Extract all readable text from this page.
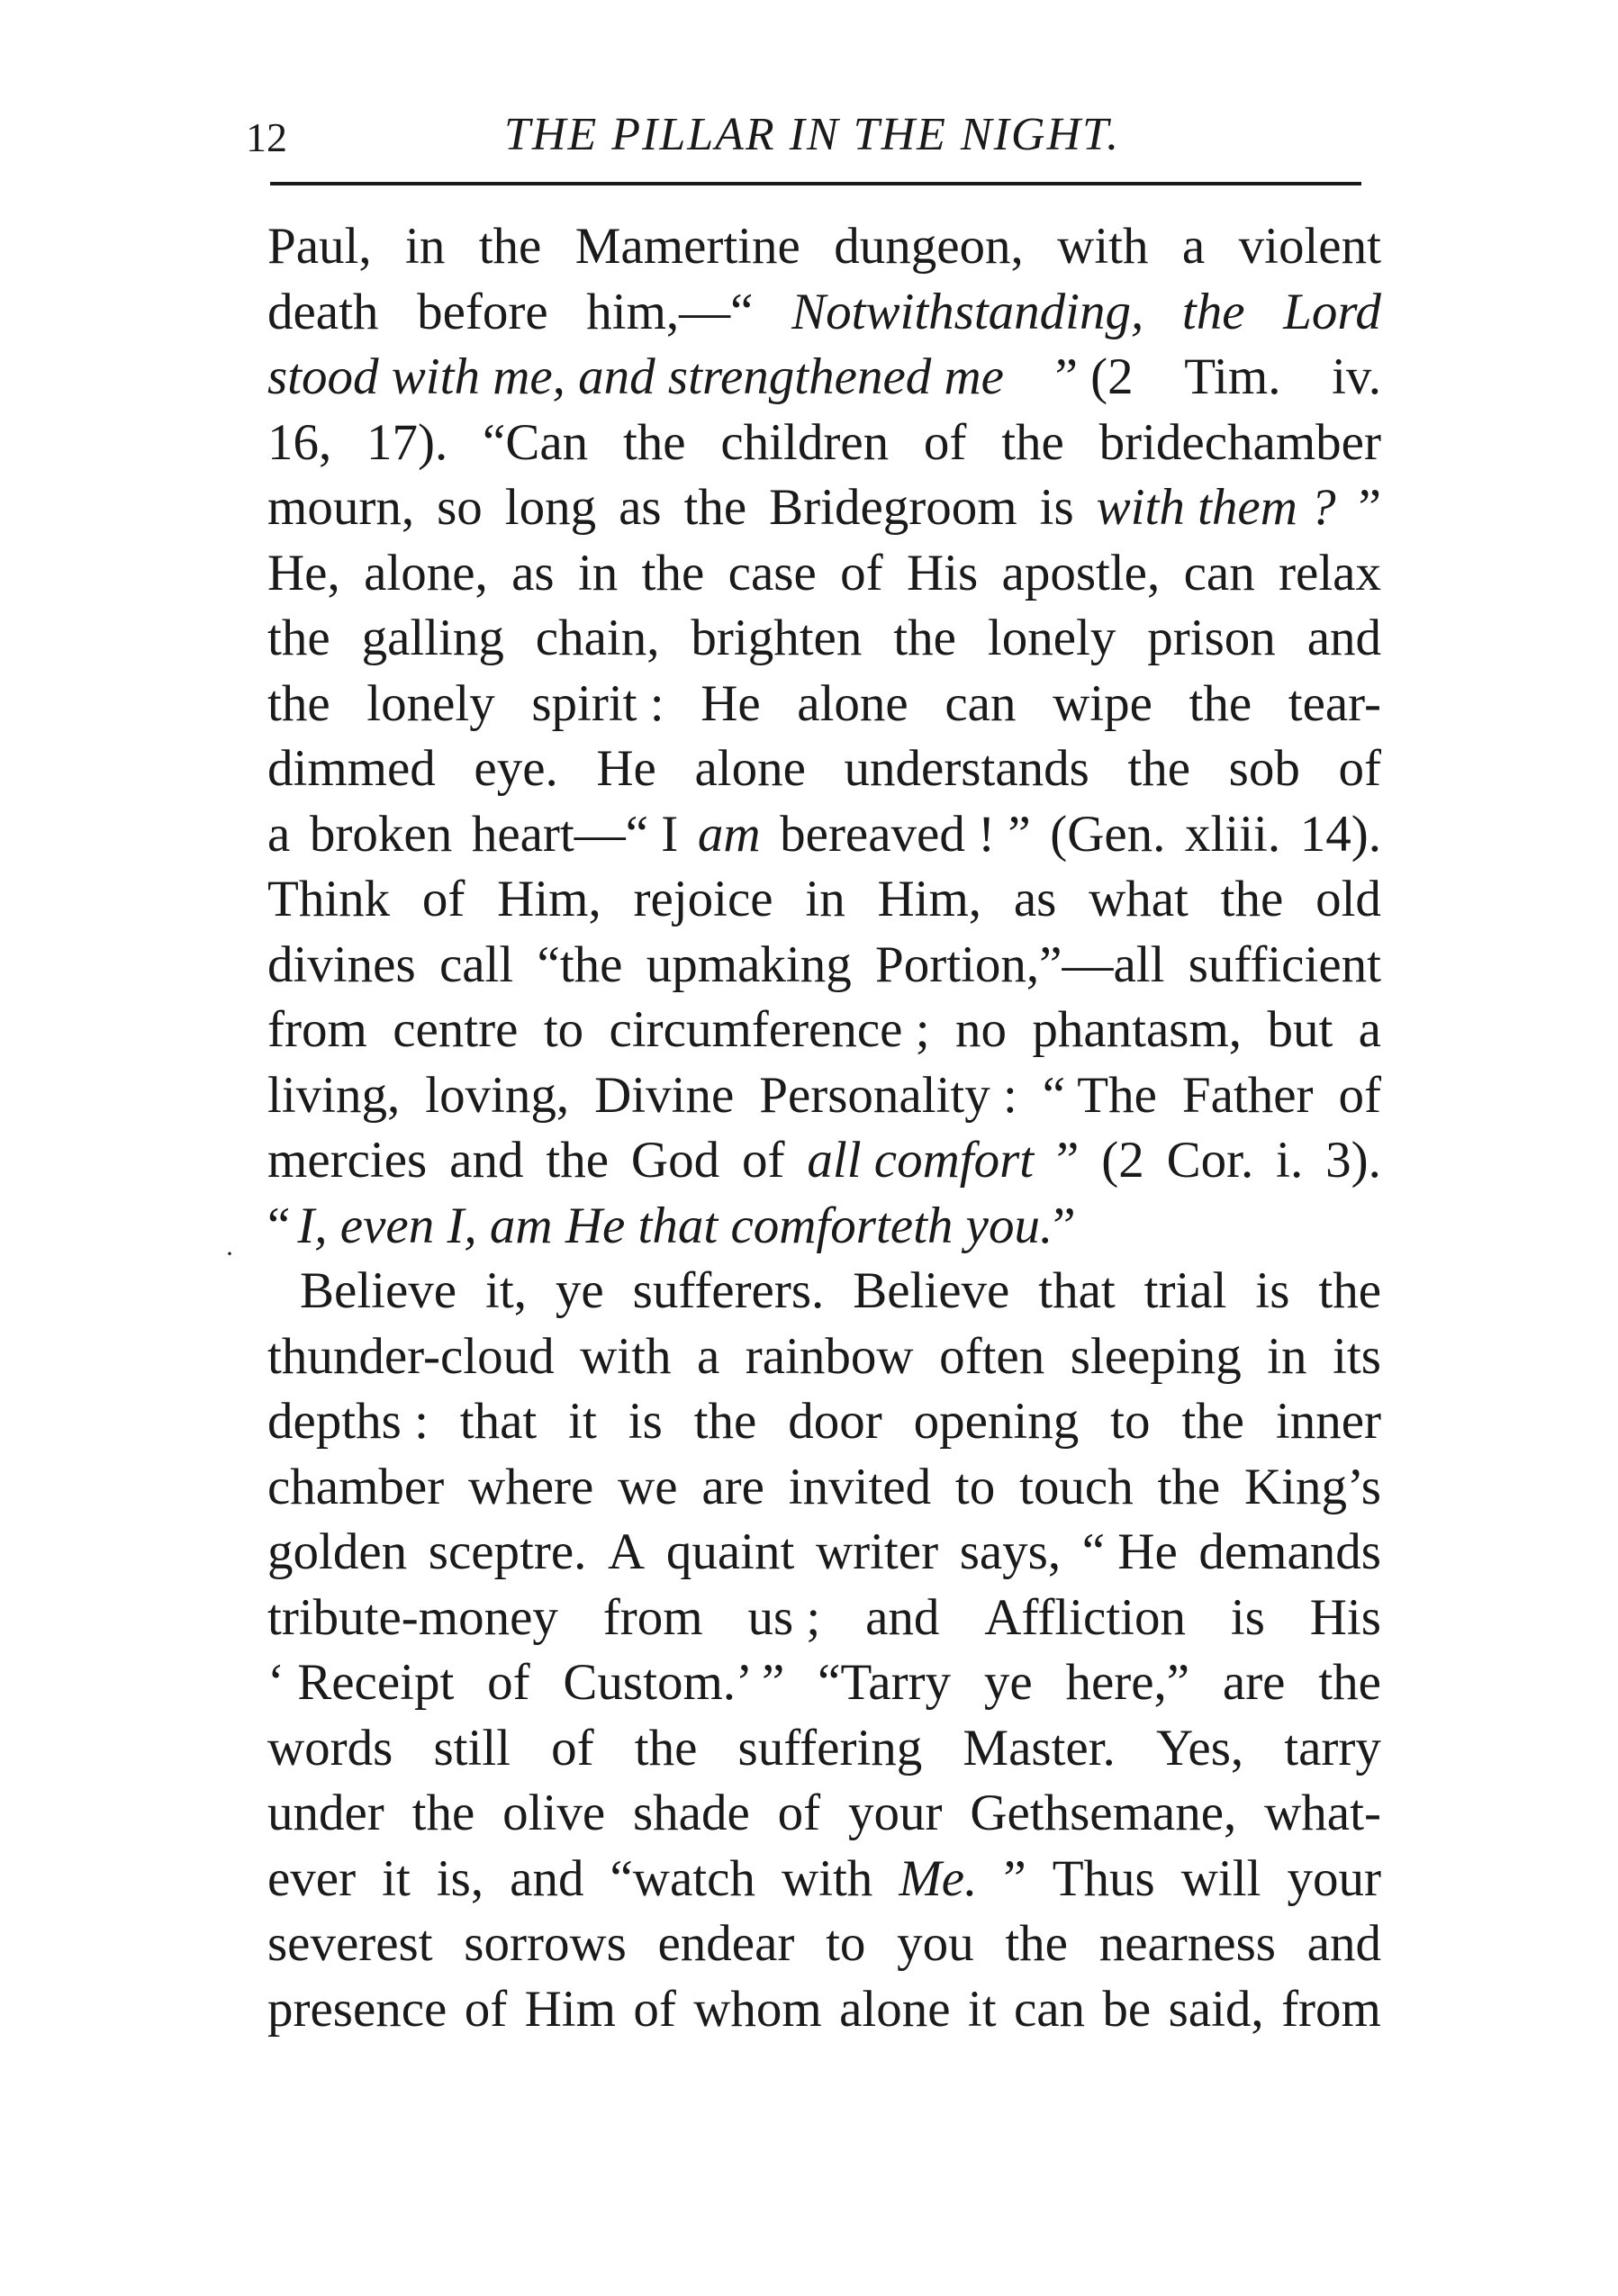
12	THE PILLAR IN THE NIGHT.
·
Paul, in the Mamertine dungeon, with a violent
death before him,—“ Notwithstanding, the Lord
stood with me, and strengthened me ” (2 Tim. iv.
16, 17). “Can the children of the bridechamber
mourn, so long as the Bridegroom is with them ? ”
He, alone, as in the case of His apostle, can relax
the galling chain, brighten the lonely prison and
the lonely spirit : He alone can wipe the tear-
dimmed eye. He alone understands the sob of
a broken heart—“ I am bereaved ! ” (Gen. xliii. 14).
Think of Him, rejoice in Him, as what the old
divines call “the upmaking Portion,”—all sufficient
from centre to circumference ; no phantasm, but a
living, loving, Divine Personality : “ The Father of
mercies and the God of all comfort ” (2 Cor. i. 3).
“ I, even I, am He that comforteth you. ”
Believe it, ye sufferers. Believe that trial is the
thunder-cloud with a rainbow often sleeping in its
depths : that it is the door opening to the inner
chamber where we are invited to touch the King’s
golden sceptre. A quaint writer says, “ He demands
tribute-money from us ; and Affliction is His
‘ Receipt of Custom.’ ” “Tarry ye here,” are the
words still of the suffering Master. Yes, tarry
under the olive shade of your Gethsemane, what-
ever it is, and “watch with Me. ” Thus will your
severest sorrows endear to you the nearness and
presence of Him of whom alone it can be said, from
